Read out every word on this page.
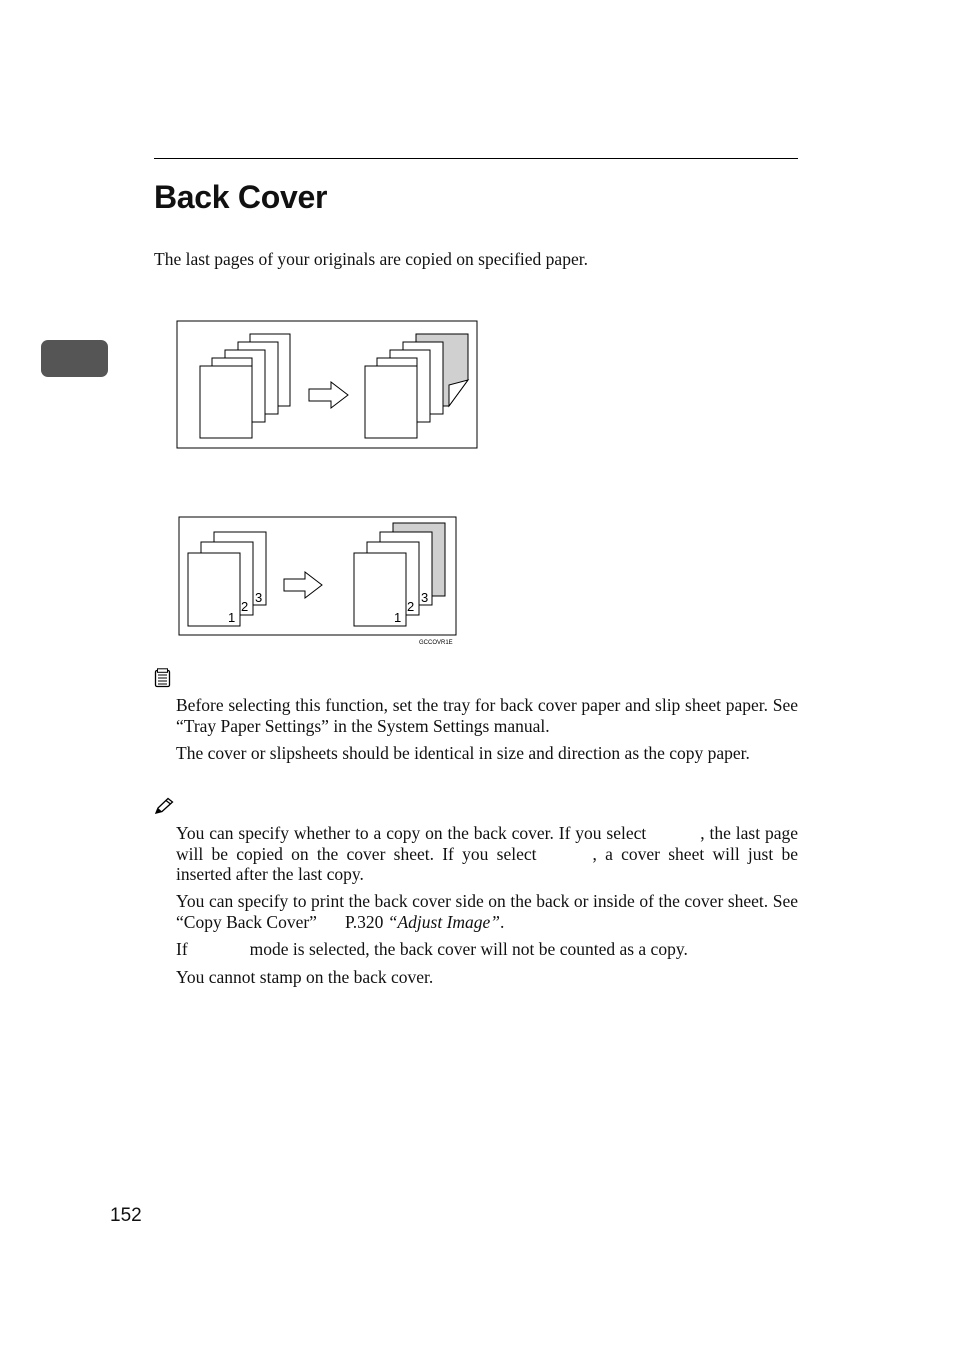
Back Cover
The last pages of your originals are copied on specified paper.
3
2
1
3
2
1
GCCOVR1E

Before selecting this function, set the tray for back cover paper and slip sheet paper. See “Tray Paper Settings” in the System Settings manual.

The cover or slipsheets should be identical in size and direction as the copy paper.

You can specify whether to a copy on the back cover. If you select	, the last page will be copied on the cover sheet. If you select	, a cover sheet will just be inserted after the last copy.

You can specify to print the back cover side on the back or inside of the cover sheet. See “Copy Back Cover” P.320 “Adjust Image”.

If	mode is selected, the back cover will not be counted as a copy.

You cannot stamp on the back cover.

152
